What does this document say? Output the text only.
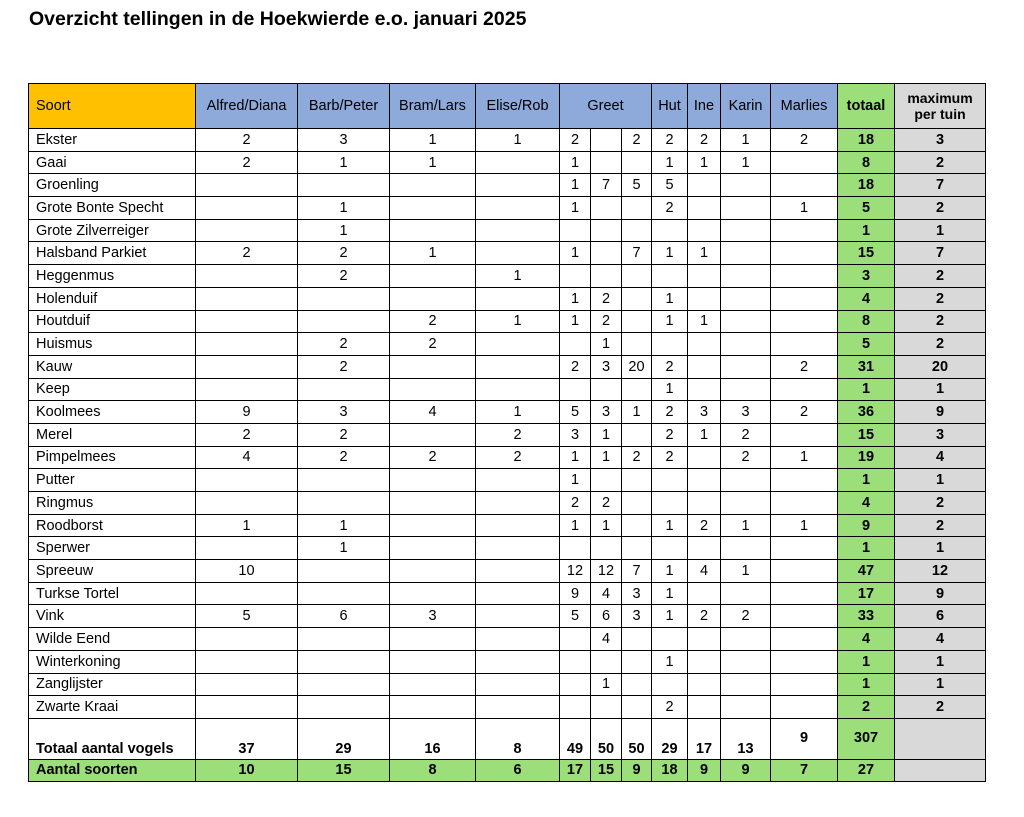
Overzicht tellingen in de Hoekwierde e.o. januari 2025
Soort	Alfred/Diana	Barb/Peter	Bram/Lars	Elise/Rob	Greet			Hut	Ine	Karin	Marlies	totaal	maximum per tuin
Ekster	2	3	1	1	2		2	2	2	1	2	18	3
Gaai	2	1	1		1			1	1	1		8	2
Groenling					1	7	5	5				18	7
Grote Bonte Specht		1			1			2			1	5	2
Grote Zilverreiger		1										1	1
Halsband Parkiet	2	2	1		1		7	1	1			15	7
Heggenmus		2		1								3	2
Holenduif					1	2		1				4	2
Houtduif			2	1	1	2		1	1			8	2
Huismus		2	2			1						5	2
Kauw		2			2	3	20	2			2	31	20
Keep								1				1	1
Koolmees	9	3	4	1	5	3	1	2	3	3	2	36	9
Merel	2	2		2	3	1		2	1	2		15	3
Pimpelmees	4	2	2	2	1	1	2	2		2	1	19	4
Putter					1							1	1
Ringmus					2	2						4	2
Roodborst	1	1			1	1		1	2	1	1	9	2
Sperwer		1										1	1
Spreeuw	10				12	12	7	1	4	1		47	12
Turkse Tortel					9	4	3	1				17	9
Vink	5	6	3		5	6	3	1	2	2		33	6
Wilde Eend						4						4	4
Winterkoning								1				1	1
Zanglijster						1						1	1
Zwarte Kraai								2				2	2
Totaal aantal vogels	37	29	16	8	49	50	50	29	17	13	9	307	
Aantal soorten	10	15	8	6	17	15	9	18	9	9	7	27	
